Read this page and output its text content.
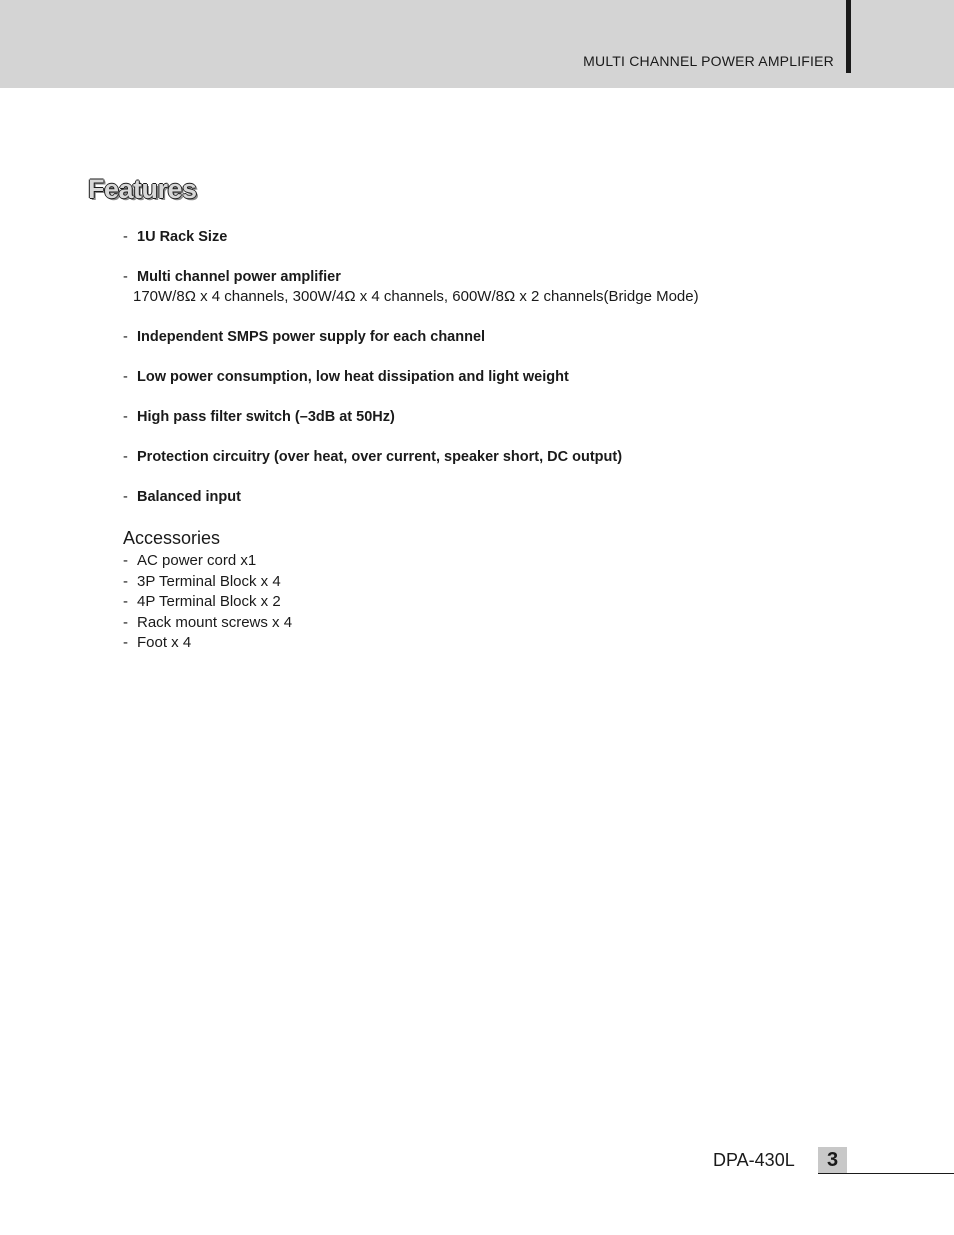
MULTI CHANNEL POWER AMPLIFIER
Features
- 1U Rack Size
- Multi channel power amplifier
170W/8Ω x 4 channels, 300W/4Ω x 4 channels, 600W/8Ω x 2 channels(Bridge Mode)
- Independent SMPS power supply for each channel
- Low power consumption, low heat dissipation and light weight
- High pass filter switch (–3dB at 50Hz)
- Protection circuitry (over heat, over current, speaker short, DC output)
- Balanced input
Accessories
- AC power cord x1
- 3P Terminal Block x 4
- 4P Terminal Block x 2
- Rack mount screws x 4
- Foot x 4
DPA-430L	3
